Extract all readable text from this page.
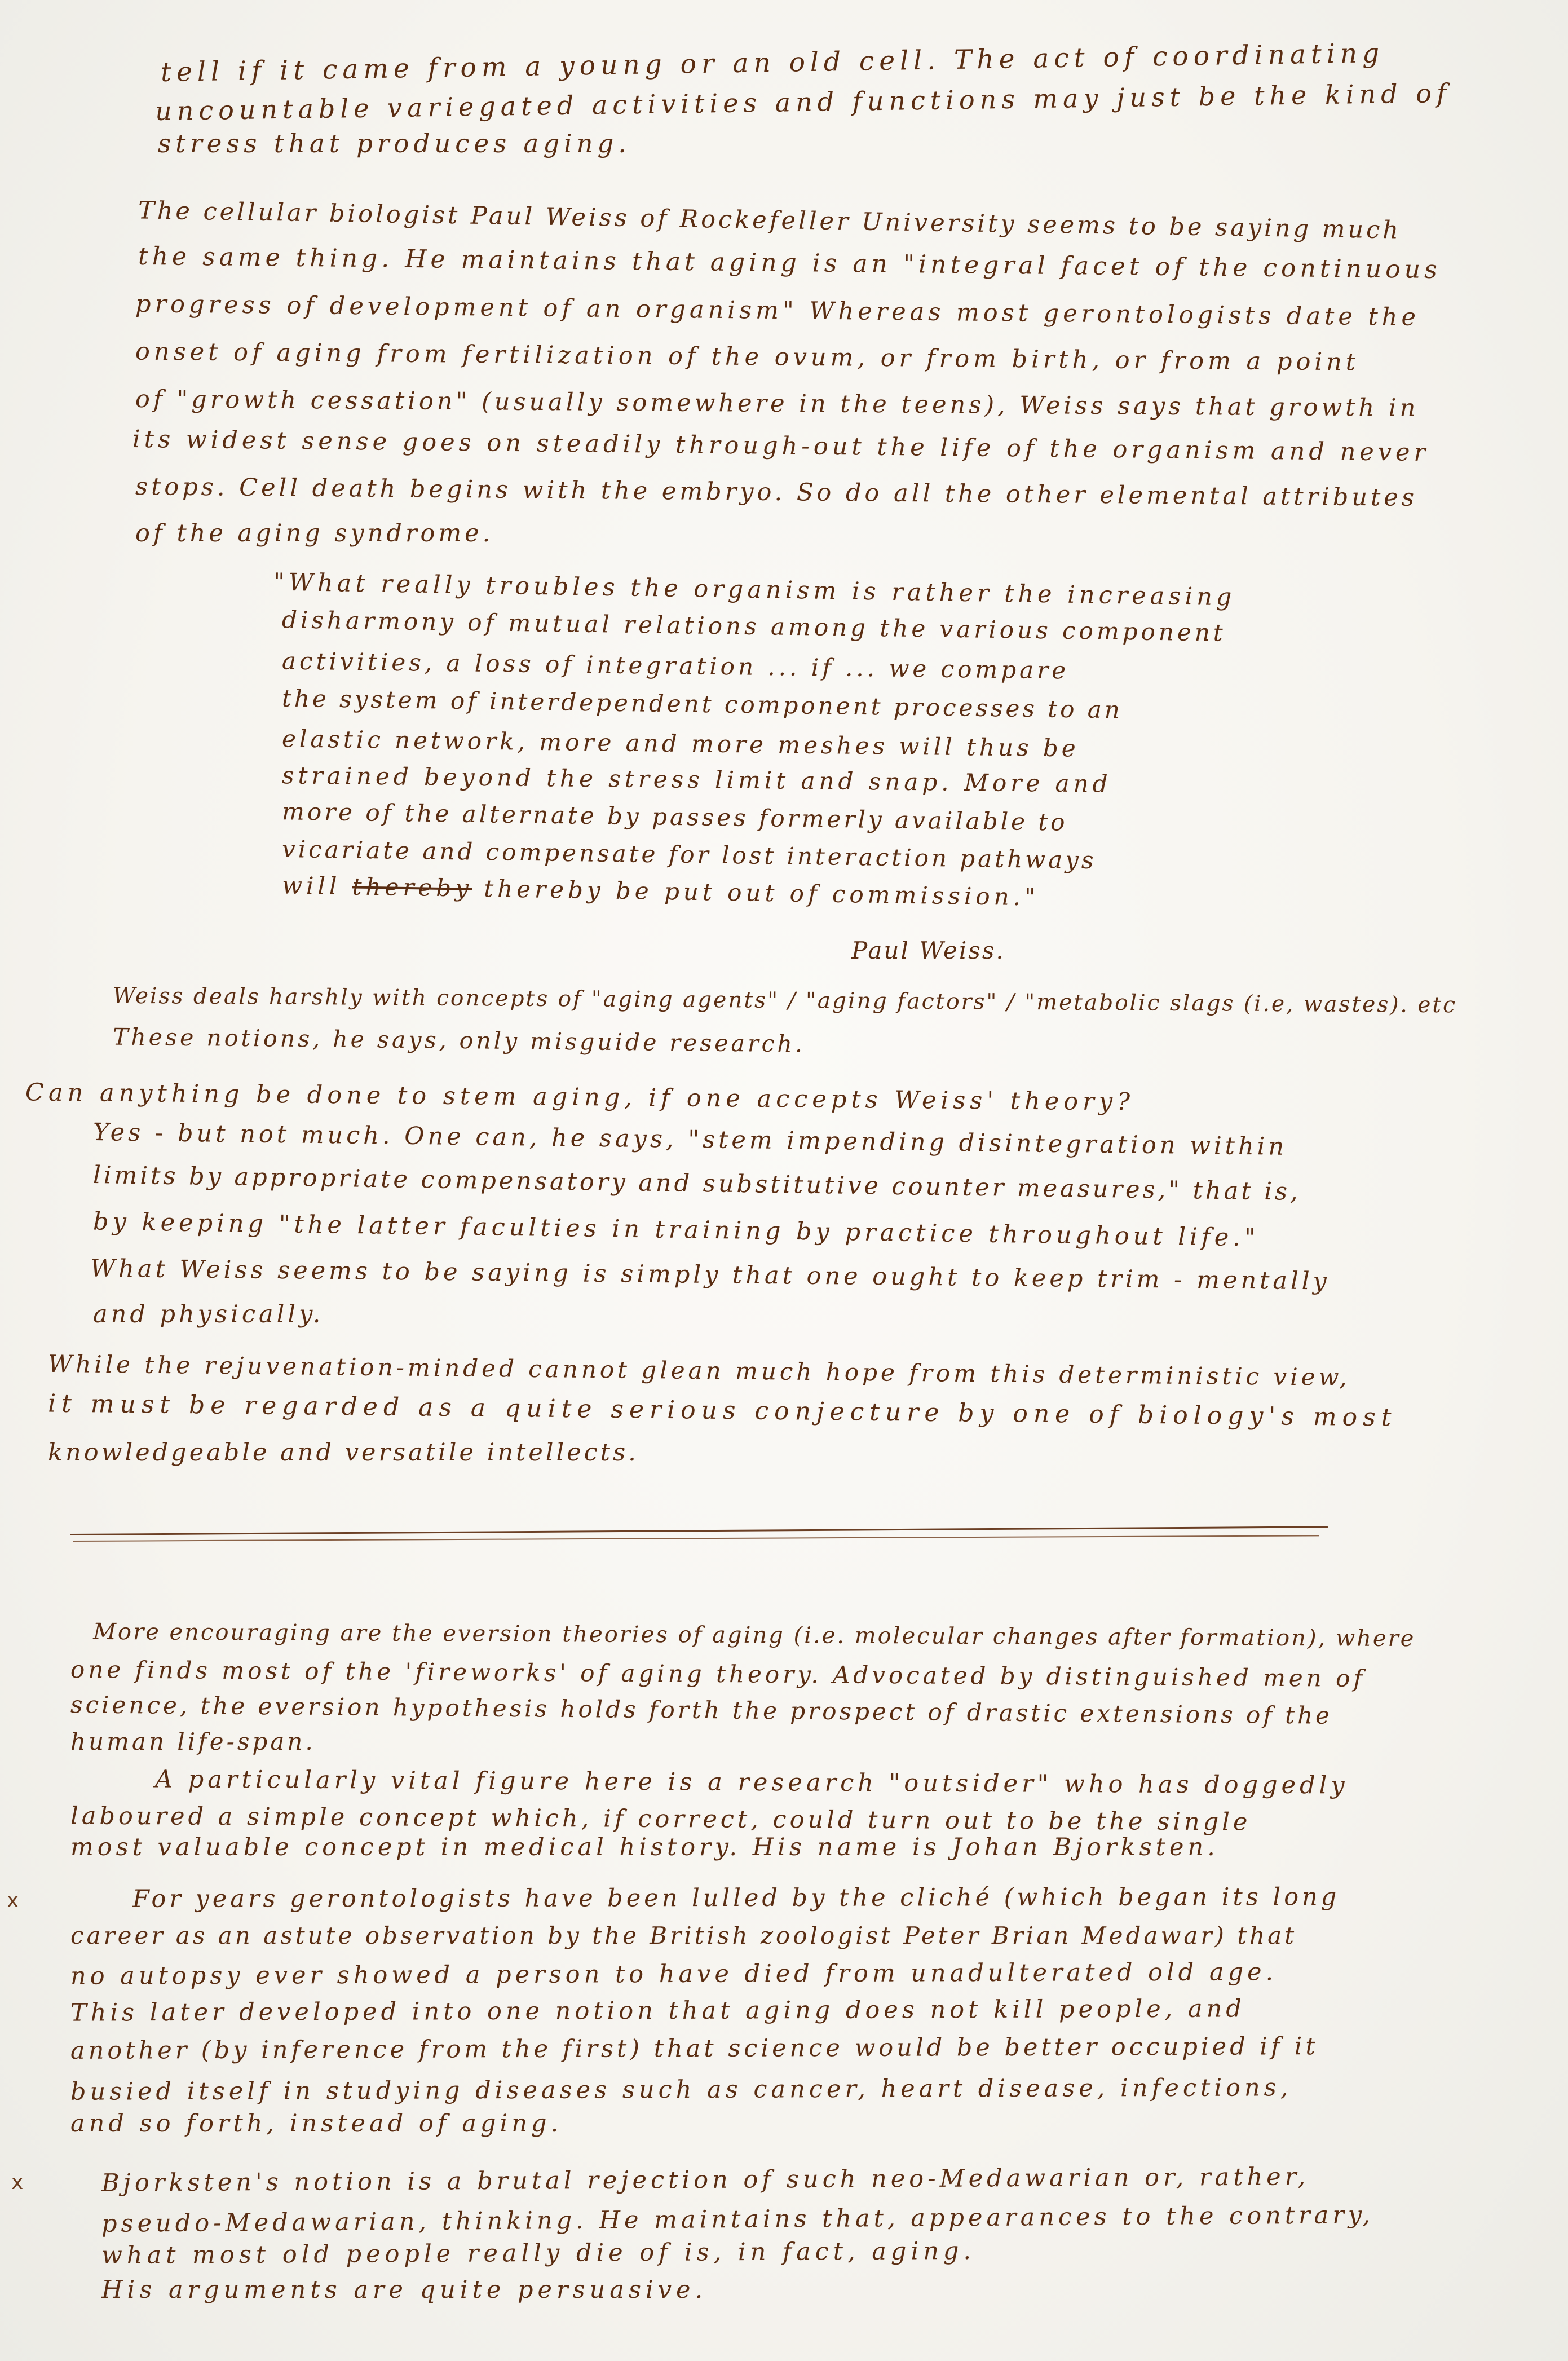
tell if it came from a young or an old cell. The act of coordinating

uncountable variegated activities and functions may just be the kind of

stress that produces aging.

The cellular biologist Paul Weiss of Rockefeller University seems to be saying much

the same thing. He maintains that aging is an "integral facet of the continuous

progress of development of an organism" Whereas most gerontologists date the

onset of aging from fertilization of the ovum, or from birth, or from a point

of "growth cessation" (usually somewhere in the teens), Weiss says that growth in

its widest sense goes on steadily through-out the life of the organism and never

stops. Cell death begins with the embryo. So do all the other elemental attributes

of the aging syndrome.

"What really troubles the organism is rather the increasing

disharmony of mutual relations among the various component

activities, a loss of integration ... if ... we compare

the system of interdependent component processes to an

elastic network, more and more meshes will thus be

strained beyond the stress limit and snap. More and

more of the alternate by passes formerly available to

vicariate and compensate for lost interaction pathways

will thereby thereby be put out of commission."

Paul Weiss.

Weiss deals harshly with concepts of "aging agents" / "aging factors" / "metabolic slags (i.e, wastes). etc

These notions, he says, only misguide research.

Can anything be done to stem aging, if one accepts Weiss' theory?

Yes - but not much. One can, he says, "stem impending disintegration within

limits by appropriate compensatory and substitutive counter measures," that is,

by keeping "the latter faculties in training by practice throughout life."

What Weiss seems to be saying is simply that one ought to keep trim - mentally

and physically.

While the rejuvenation-minded cannot glean much hope from this deterministic view,

it must be regarded as a quite serious conjecture by one of biology's most

knowledgeable and versatile intellects.

More encouraging are the eversion theories of aging (i.e. molecular changes after formation), where

one finds most of the 'fireworks' of aging theory. Advocated by distinguished men of

science, the eversion hypothesis holds forth the prospect of drastic extensions of the

human life-span.

A particularly vital figure here is a research "outsider" who has doggedly

laboured a simple concept which, if correct, could turn out to be the single

most valuable concept in medical history. His name is Johan Bjorksten.

x

	For years gerontologists have been lulled by the cliché (which began its long

career as an astute observation by the British zoologist Peter Brian Medawar) that

no autopsy ever showed a person to have died from unadulterated old age.

This later developed into one notion that aging does not kill people, and

another (by inference from the first) that science would be better occupied if it

busied itself in studying diseases such as cancer, heart disease, infections,

and so forth, instead of aging.

x

	Bjorksten's notion is a brutal rejection of such neo-Medawarian or, rather,

pseudo-Medawarian, thinking. He maintains that, appearances to the contrary,

what most old people really die of is, in fact, aging.

His arguments are quite persuasive.
